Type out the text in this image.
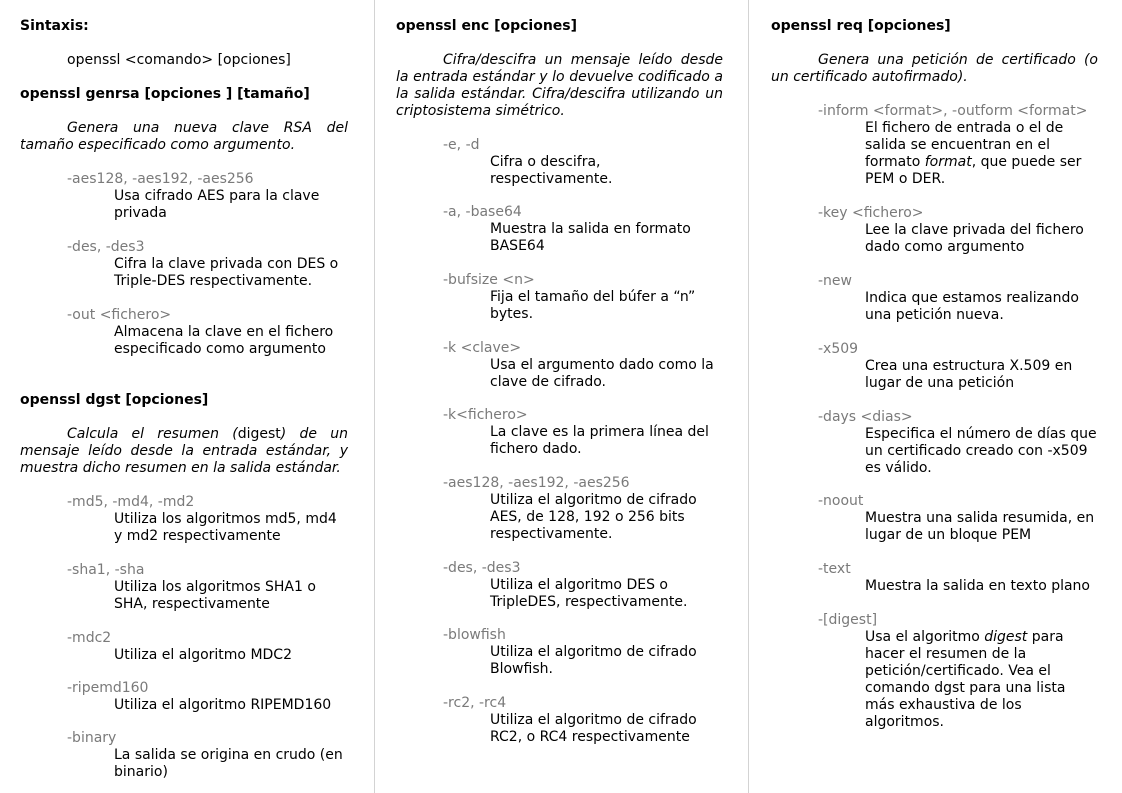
Sintaxis:
openssl <comando> [opciones]
openssl genrsa [opciones ] [tamaño]
Genera una nueva clave RSA del tamaño especificado como argumento.
-aes128, -aes192, -aes256
Usa cifrado AES para la clave privada
-des, -des3
Cifra la clave privada con DES o Triple-DES respectivamente.
-out <fichero>
Almacena la clave en el fichero especificado como argumento
openssl dgst [opciones]
Calcula el resumen (digest) de un mensaje leído desde la entrada estándar, y muestra dicho resumen en la salida estándar.
-md5, -md4, -md2
Utiliza los algoritmos md5, md4 y md2 respectivamente
-sha1, -sha
Utiliza los algoritmos SHA1 o SHA, respectivamente
-mdc2
Utiliza el algoritmo MDC2
-ripemd160
Utiliza el algoritmo RIPEMD160
-binary
La salida se origina en crudo (en binario)
openssl enc [opciones]
Cifra/descifra un mensaje leído desde la entrada estándar y lo devuelve codificado a la salida estándar. Cifra/descifra utilizando un criptosistema simétrico.
-e, -d
Cifra o descifra, respectivamente.
-a, -base64
Muestra la salida en formato BASE64
-bufsize <n>
Fija el tamaño del búfer a “n” bytes.
-k <clave>
Usa el argumento dado como la clave de cifrado.
-k<fichero>
La clave es la primera línea del fichero dado.
-aes128, -aes192, -aes256
Utiliza el algoritmo de cifrado AES, de 128, 192 o 256 bits respectivamente.
-des, -des3
Utiliza el algoritmo DES o TripleDES, respectivamente.
-blowfish
Utiliza el algoritmo de cifrado Blowfish.
-rc2, -rc4
Utiliza el algoritmo de cifrado RC2, o RC4 respectivamente
openssl req [opciones]
Genera una petición de certificado (o un certificado autofirmado).
-inform <format>, -outform <format>
El fichero de entrada o el de salida se encuentran en el formato format, que puede ser PEM o DER.
-key <fichero>
Lee la clave privada del fichero dado como argumento
-new
Indica que estamos realizando una petición nueva.
-x509
Crea una estructura X.509 en lugar de una petición
-days <dias>
Especifica el número de días que un certificado creado con -x509 es válido.
-noout
Muestra una salida resumida, en lugar de un bloque PEM
-text
Muestra la salida en texto plano
-[digest]
Usa el algoritmo digest para hacer el resumen de la petición/certificado. Vea el comando dgst para una lista más exhaustiva de los algoritmos.
